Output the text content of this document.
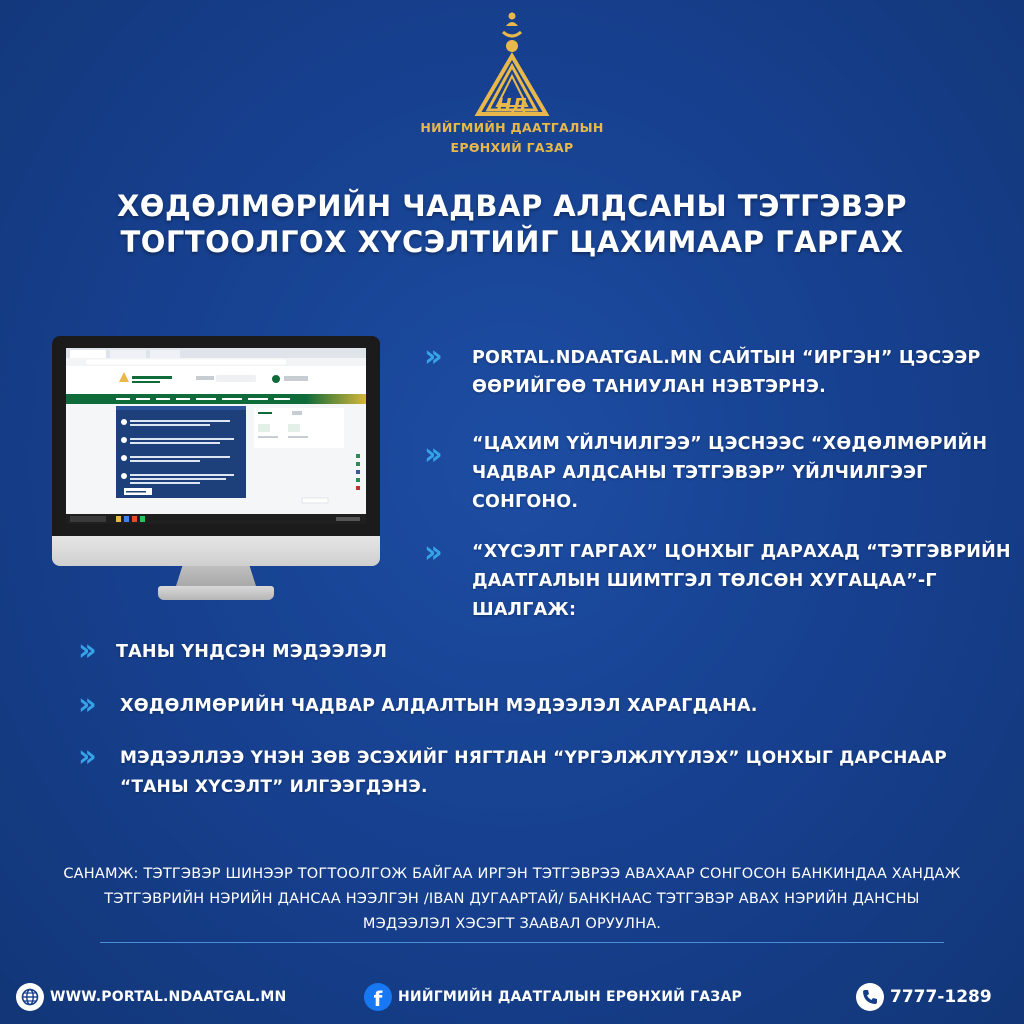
НД
НИЙГМИЙН ДААТГАЛЫН
ЕРӨНХИЙ ГАЗАР
ХӨДӨЛМӨРИЙН ЧАДВАР АЛДСАНЫ ТЭТГЭВЭР
ТОГТООЛГОХ ХҮСЭЛТИЙГ ЦАХИМААР ГАРГАХ
››	PORTAL.NDAATGAL.MN САЙТЫН “ИРГЭН” ЦЭСЭЭР
ӨӨРИЙГӨӨ ТАНИУЛАН НЭВТЭРНЭ.
››	“ЦАХИМ ҮЙЛЧИЛГЭЭ” ЦЭСНЭЭС “ХӨДӨЛМӨРИЙН
ЧАДВАР АЛДСАНЫ ТЭТГЭВЭР” ҮЙЛЧИЛГЭЭГ
СОНГОНО.
››	“ХҮСЭЛТ ГАРГАХ” ЦОНХЫГ ДАРАХАД “ТЭТГЭВРИЙН
ДААТГАЛЫН ШИМТГЭЛ ТӨЛСӨН ХУГАЦАА”-Г
ШАЛГАЖ:
››	ТАНЫ ҮНДСЭН МЭДЭЭЛЭЛ
››	ХӨДӨЛМӨРИЙН ЧАДВАР АЛДАЛТЫН МЭДЭЭЛЭЛ ХАРАГДАНА.
››	МЭДЭЭЛЛЭЭ ҮНЭН ЗӨВ ЭСЭХИЙГ НЯГТЛАН “ҮРГЭЛЖЛҮҮЛЭХ” ЦОНХЫГ ДАРСНААР
“ТАНЫ ХҮСЭЛТ” ИЛГЭЭГДЭНЭ.
САНАМЖ: ТЭТГЭВЭР ШИНЭЭР ТОГТООЛГОЖ БАЙГАА ИРГЭН ТЭТГЭВРЭЭ АВАХААР СОНГОСОН БАНКИНДАА ХАНДАЖ
ТЭТГЭВРИЙН НЭРИЙН ДАНСАА НЭЭЛГЭН /IBAN ДУГААРТАЙ/ БАНКНААС ТЭТГЭВЭР АВАХ НЭРИЙН ДАНСНЫ
МЭДЭЭЛЭЛ ХЭСЭГТ ЗААВАЛ ОРУУЛНА.
WWW.PORTAL.NDAATGAL.MN	f НИЙГМИЙН ДААТГАЛЫН ЕРӨНХИЙ ГАЗАР	7777-1289
